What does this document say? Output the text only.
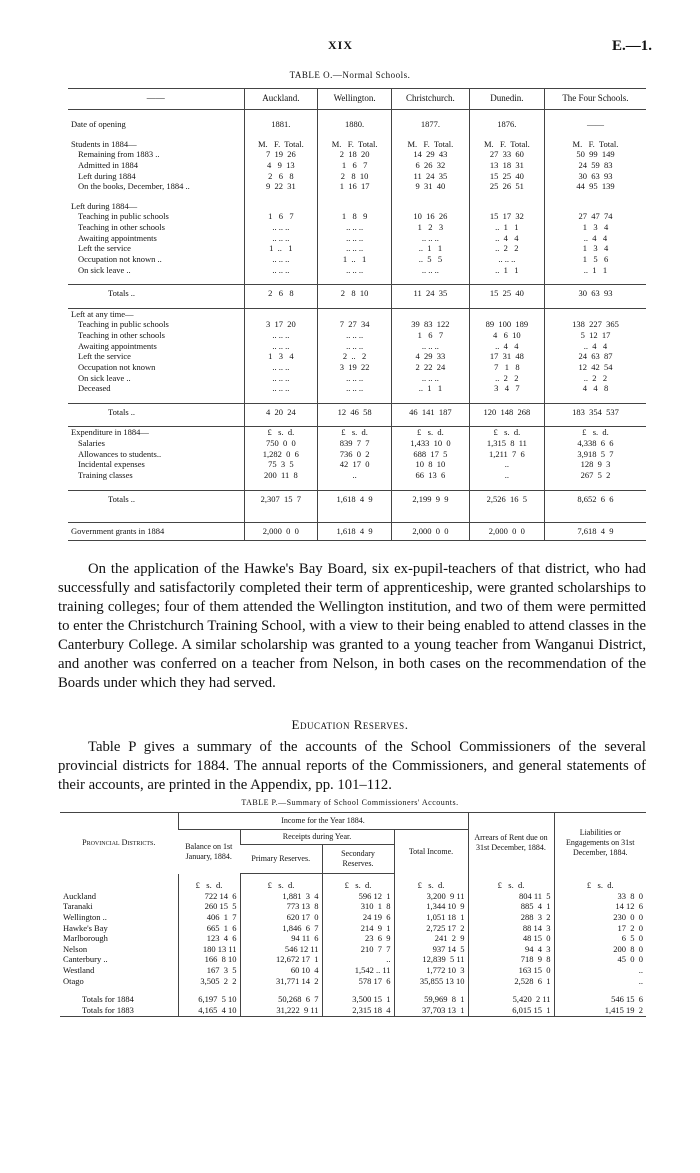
XIX	E.—1.
TABLE O.—Normal Schools.
——	Auckland.	Wellington.	Christchurch.	Dunedin.	The Four Schools.

Date of opening	1881.	1880.	1877.	1876.	——

Students in 1884—	M.   F.  Total.	M.   F.  Total.	M.   F.  Total.	M.   F.  Total.	M.   F.  Total.
Remaining from 1883 ..	7  19  26	2  18  20	14  29  43	27  33  60	50  99  149
Admitted in 1884	4   9  13	1   6   7	6  26  32	13  18  31	24  59  83
Left during 1884	2   6   8	2   8  10	11  24  35	15  25  40	30  63  93
On the books, December, 1884 ..	9  22  31	1  16  17	9  31  40	25  26  51	44  95  139

Left during 1884—					
Teaching in public schools	1   6   7	1   8   9	10  16  26	15  17  32	27  47  74
Teaching in other schools	.. .. ..	.. .. ..	1   2   3	..  1   1	1   3   4
Awaiting appointments	.. .. ..	.. .. ..	.. .. ..	..  4   4	..  4   4
Left the service	1  ..   1	.. .. ..	..  1   1	..  2   2	1   3   4
Occupation not known ..	.. .. ..	1  ..   1	..  5   5	.. .. ..	1   5   6
On sick leave ..	.. .. ..	.. .. ..	.. .. ..	..  1   1	..  1   1

Totals ..	2   6   8	2   8  10	11  24  35	15  25  40	30  63  93

Left at any time—					
Teaching in public schools	3  17  20	7  27  34	39  83  122	89  100  189	138  227  365
Teaching in other schools	.. .. ..	.. .. ..	1   6   7	4   6  10	5  12  17
Awaiting appointments	.. .. ..	.. .. ..	.. .. ..	..  4   4	..  4   4
Left the service	1   3   4	2  ..   2	4  29  33	17  31  48	24  63  87
Occupation not known	.. .. ..	3  19  22	2  22  24	7   1   8	12  42  54
On sick leave ..	.. .. ..	.. .. ..	.. .. ..	..  2   2	..  2   2
Deceased	.. .. ..	.. .. ..	..  1   1	3   4   7	4   4   8

Totals ..	4  20  24	12  46  58	46  141  187	120  148  268	183  354  537

Expenditure in 1884—	£   s.  d.	£   s.  d.	£   s.  d.	£   s.  d.	£   s.  d.
Salaries	750  0  0	839  7  7	1,433  10  0	1,315  8  11	4,338  6  6
Allowances to students..	1,282  0  6	736  0  2	688  17  5	1,211  7  6	3,918  5  7
Incidental expenses	75  3  5	42  17  0	10  8  10	..	128  9  3
Training classes	200  11  8	..	66  13  6	..	267  5  2

Totals ..	2,307  15  7	1,618  4  9	2,199  9  9	2,526  16  5	8,652  6  6

Government grants in 1884	2,000  0  0	1,618  4  9	2,000  0  0	2,000  0  0	7,618  4  9
On the application of the Hawke's Bay Board, six ex-pupil-teachers of that district, who had successfully and satisfactorily completed their term of apprenticeship, were granted scholarships to training colleges; four of them attended the Wellington institution, and two of them were permitted to enter the Christchurch Training School, with a view to their being enabled to attend classes in the Canterbury College. A similar scholarship was granted to a young teacher from Wanganui District, and another was conferred on a teacher from Nelson, in both cases on the recommendation of the Boards under which they had served.
Education Reserves.
Table P gives a summary of the accounts of the School Commissioners of the several provincial districts for 1884. The annual reports of the Commissioners, and general statements of their accounts, are printed in the Appendix, pp. 101–112.
TABLE P.—Summary of School Commissioners' Accounts.
Provincial Districts.	Income for the Year 1884.				Arrears of Rent due on 31st December, 1884.	Liabilities or Engagements on 31st December, 1884.
	Balance on 1st January, 1884.	Receipts during Year.		Total Income.		
		Primary Reserves.	Secondary Reserves.			
	£   s.  d.	£   s.  d.	£   s.  d.	£   s.  d.	£   s.  d.	£   s.  d.
Auckland	722 14  6	1,881  3  4	596 12  1	3,200  9 11	804 11  5	33  8  0
Taranaki	260 15  5	773 13  8	310  1  8	1,344 10  9	885  4  1	14 12  6
Wellington ..	406  1  7	620 17  0	24 19  6	1,051 18  1	288  3  2	230  0  0
Hawke's Bay	665  1  6	1,846  6  7	214  9  1	2,725 17  2	88 14  3	17  2  0
Marlborough	123  4  6	94 11  6	23  6  9	241  2  9	48 15  0	6  5  0
Nelson	180 13 11	546 12 11	210  7  7	937 14  5	94  4  3	200  8  0
Canterbury ..	166  8 10	12,672 17  1	..	12,839  5 11	718  9  8	45  0  0
Westland	167  3  5	60 10  4	1,542 .. 11	1,772 10  3	163 15  0	..
Otago	3,505  2  2	31,771 14  2	578 17  6	35,855 13 10	2,528  6  1	..

Totals for 1884	6,197  5 10	50,268  6  7	3,500 15  1	59,969  8  1	5,420  2 11	546 15  6
Totals for 1883	4,165  4 10	31,222  9 11	2,315 18  4	37,703 13  1	6,015 15  1	1,415 19  2
